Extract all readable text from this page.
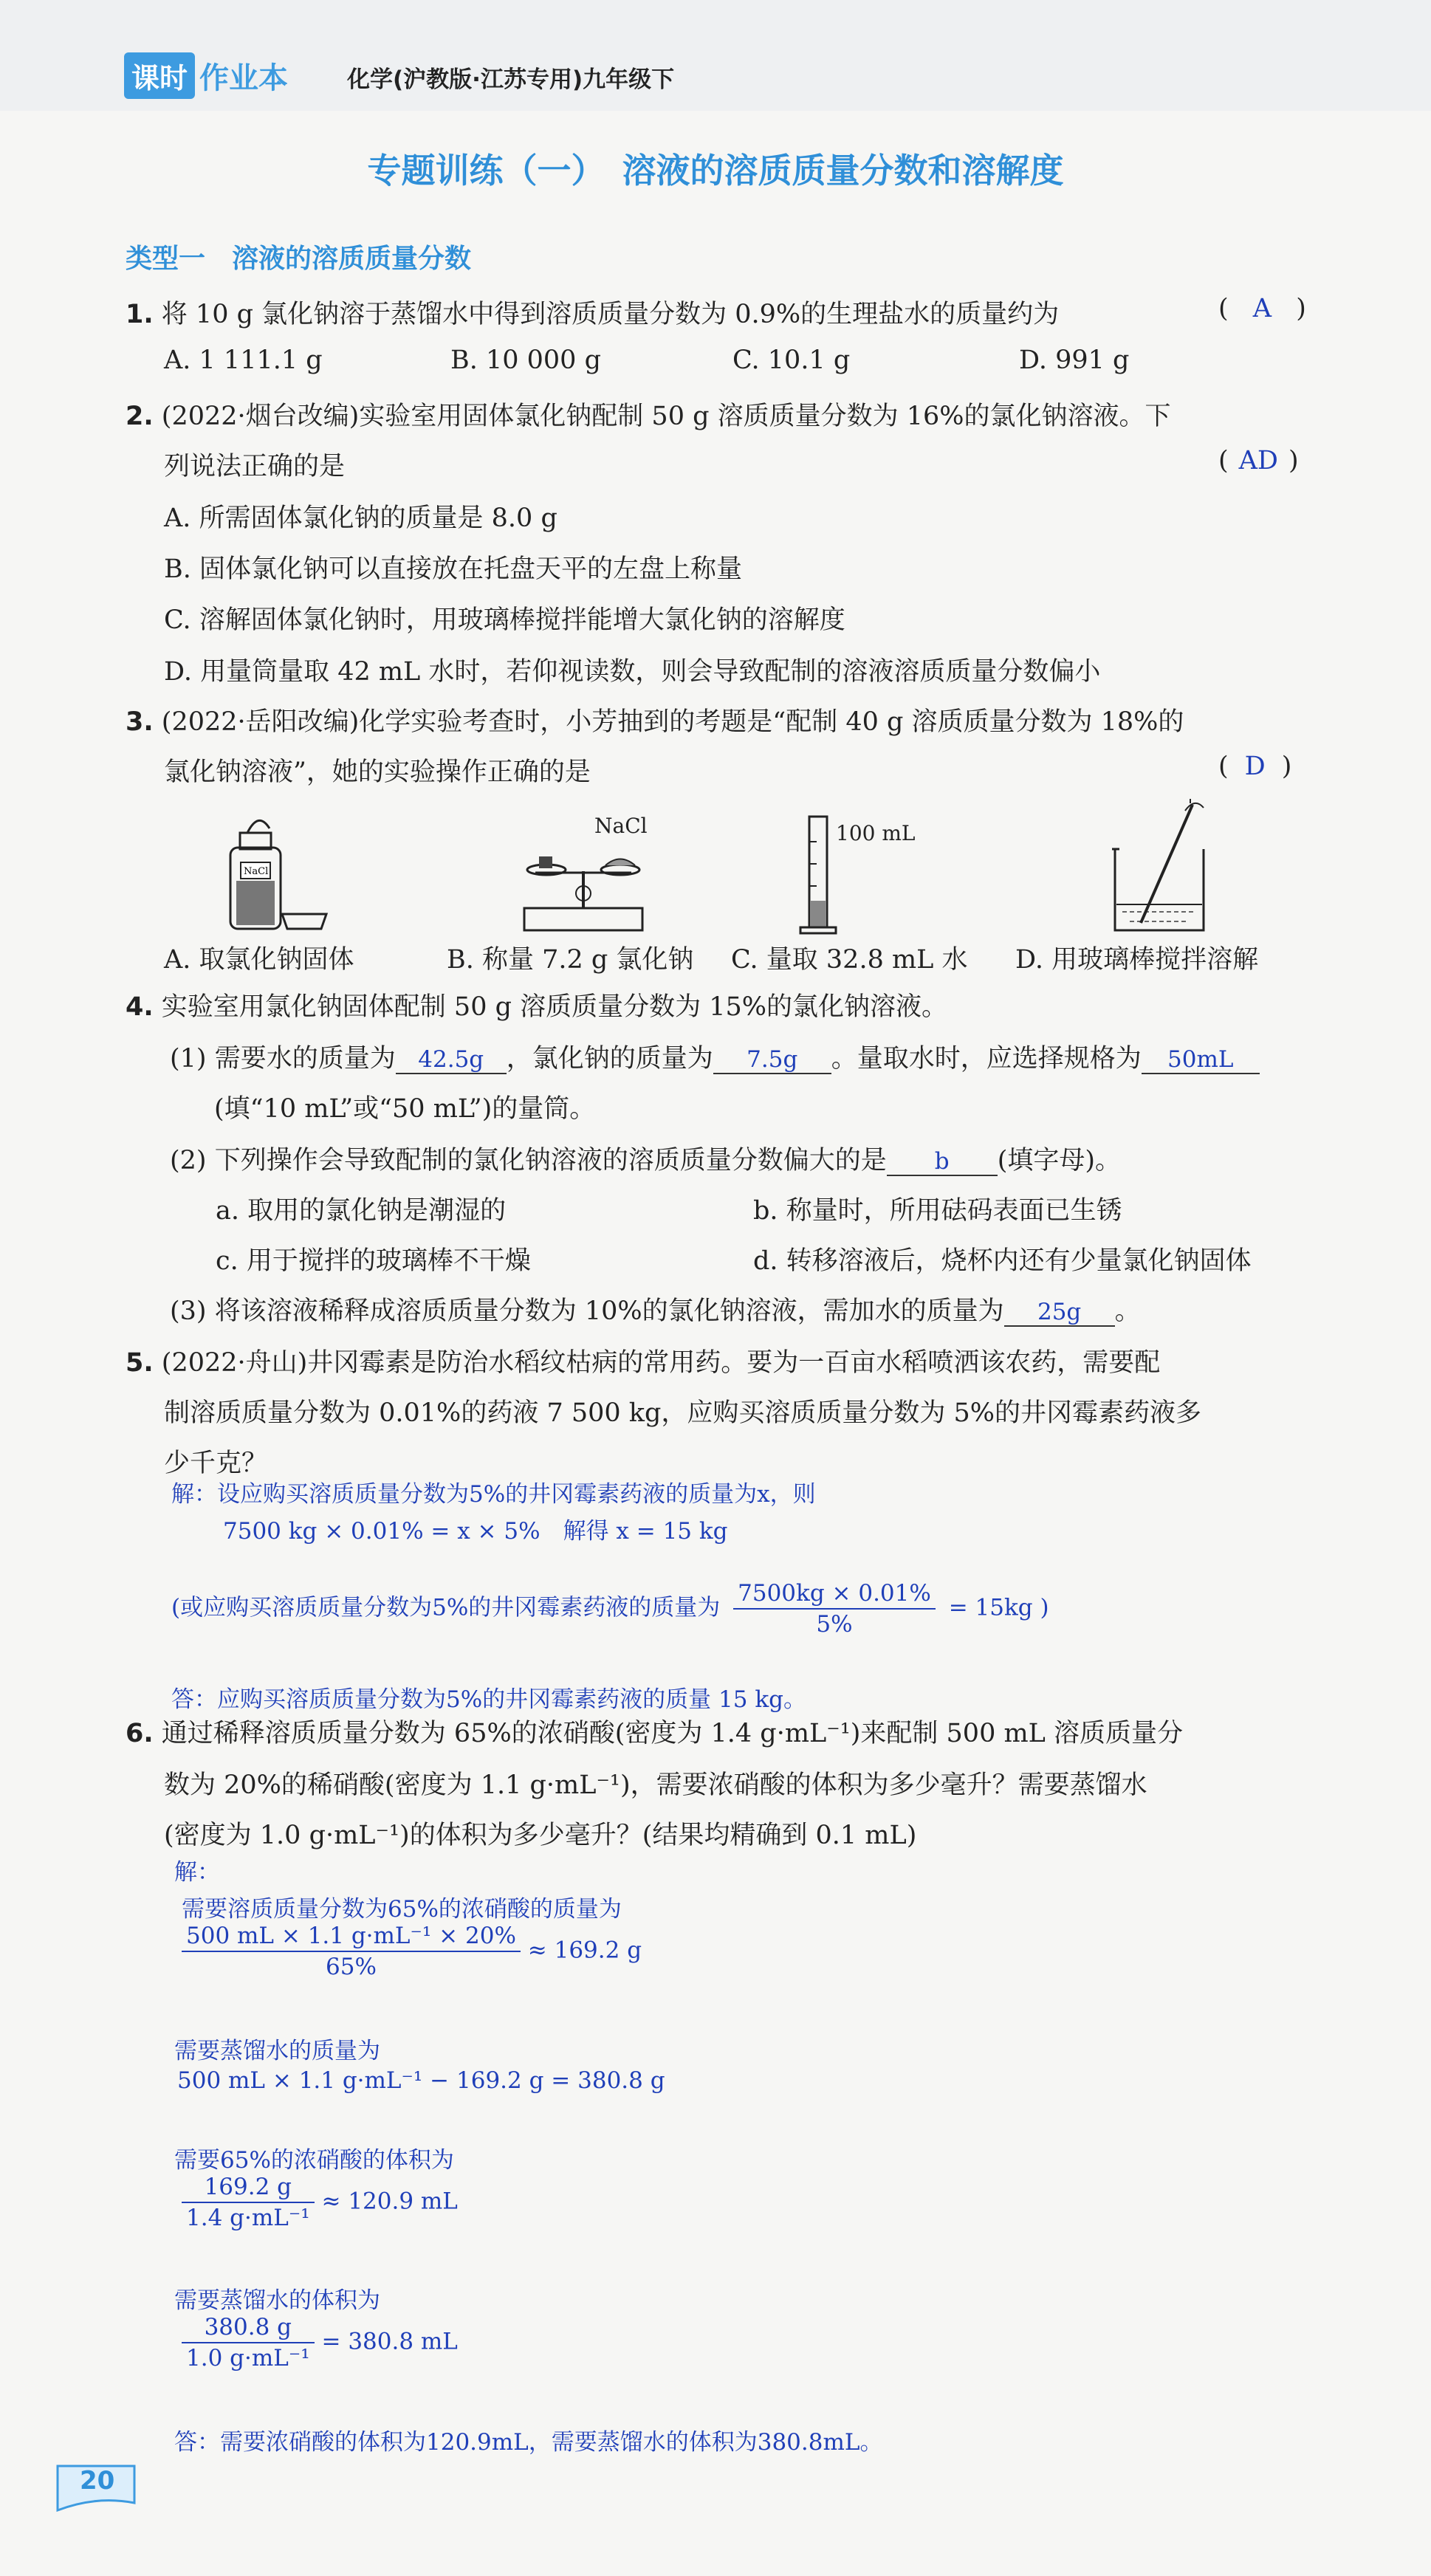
课时 作业本	化学(沪教版·江苏专用)九年级下
专题训练（一）　溶液的溶质质量分数和溶解度
类型一　溶液的溶质质量分数
1. 将 10 g 氯化钠溶于蒸馏水中得到溶质质量分数为 0.9%的生理盐水的质量约为	( A )
A. 1 111.1 g	B. 10 000 g	C. 10.1 g	D. 991 g
2. (2022·烟台改编)实验室用固体氯化钠配制 50 g 溶质质量分数为 16%的氯化钠溶液。下
列说法正确的是	( AD )
A. 所需固体氯化钠的质量是 8.0 g
B. 固体氯化钠可以直接放在托盘天平的左盘上称量
C. 溶解固体氯化钠时，用玻璃棒搅拌能增大氯化钠的溶解度
D. 用量筒量取 42 mL 水时，若仰视读数，则会导致配制的溶液溶质质量分数偏小
3. (2022·岳阳改编)化学实验考查时，小芳抽到的考题是“配制 40 g 溶质质量分数为 18%的
氯化钠溶液”，她的实验操作正确的是	( D )
NaCl
NaCl	100 mL
A. 取氯化钠固体	B. 称量 7.2 g 氯化钠 C. 量取 32.8 mL 水 D. 用玻璃棒搅拌溶解
4. 实验室用氯化钠固体配制 50 g 溶质质量分数为 15%的氯化钠溶液。
(1) 需要水的质量为 42.5g ，氯化钠的质量为 7.5g 。量取水时，应选择规格为 50mL
(填“10 mL”或“50 mL”)的量筒。
(2) 下列操作会导致配制的氯化钠溶液的溶质质量分数偏大的是 b (填字母)。
a. 取用的氯化钠是潮湿的	b. 称量时，所用砝码表面已生锈
c. 用于搅拌的玻璃棒不干燥	d. 转移溶液后，烧杯内还有少量氯化钠固体
(3) 将该溶液稀释成溶质质量分数为 10%的氯化钠溶液，需加水的质量为 25g 。
5. (2022·舟山)井冈霉素是防治水稻纹枯病的常用药。要为一百亩水稻喷洒该农药，需要配
制溶质质量分数为 0.01%的药液 7 500 kg，应购买溶质质量分数为 5%的井冈霉素药液多
少千克？
解：设应购买溶质质量分数为5%的井冈霉素药液的质量为x，则
7500 kg × 0.01% = x × 5%　解得 x = 15 kg
(或应购买溶质质量分数为5%的井冈霉素药液的质量为 $\frac{7500kg \times 0.01\%}{5\%} = 15kg$ )
答：应购买溶质质量分数为5%的井冈霉素药液的质量 15 kg。
6. 通过稀释溶质质量分数为 65%的浓硝酸(密度为 1.4 g·mL⁻¹)来配制 500 mL 溶质质量分
数为 20%的稀硝酸(密度为 1.1 g·mL⁻¹)，需要浓硝酸的体积为多少毫升？需要蒸馏水
(密度为 1.0 g·mL⁻¹)的体积为多少毫升？(结果均精确到 0.1 mL)
解：
需要溶质质量分数为65%的浓硝酸的质量为
$\frac{\text{500 mL × 1.1 g·mL⁻¹ × 20\%}}{65\%} \approx 169.2$ g
需要蒸馏水的质量为
500 mL × 1.1 g·mL⁻¹ − 169.2 g = 380.8 g
需要65%的浓硝酸的体积为
$\frac{169.2 g}{\text{1.4 g·mL⁻¹}} \approx 120.9$ mL
需要蒸馏水的体积为
$\frac{380.8 g}{\text{1.0 g·mL⁻¹}} = 380.8$ mL
答：需要浓硝酸的体积为120.9mL，需要蒸馏水的体积为380.8mL。
20
